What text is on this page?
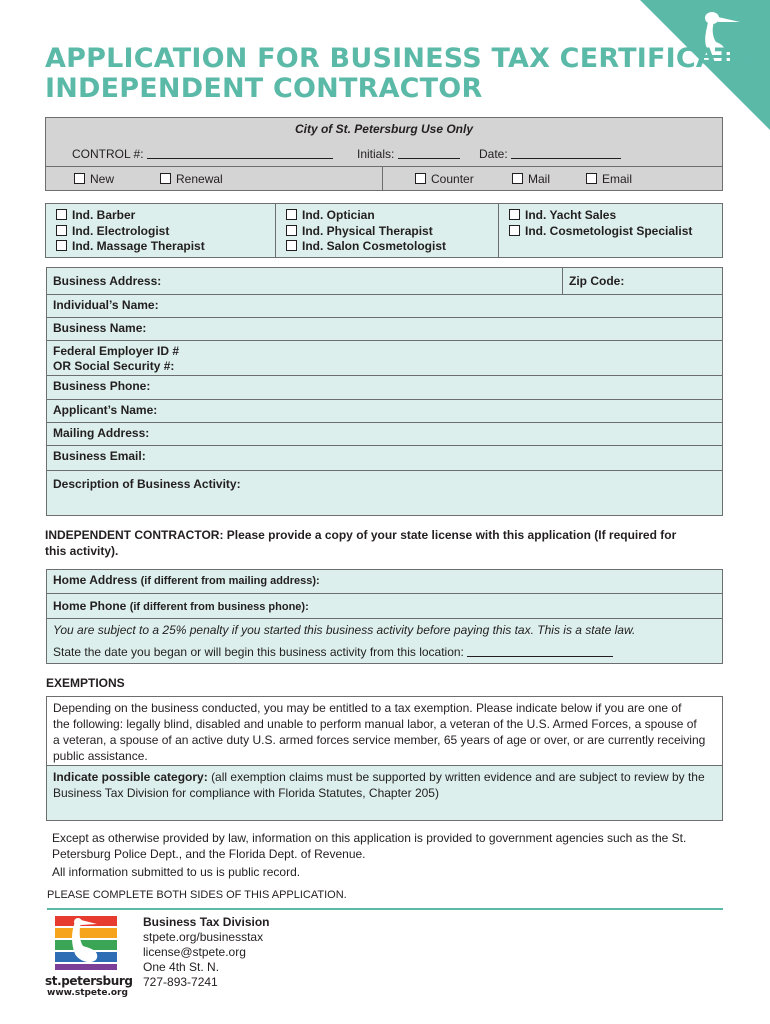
APPLICATION FOR BUSINESS TAX CERTIFICATE:
INDEPENDENT CONTRACTOR
City of St. Petersburg Use Only
CONTROL #:	Initials:	Date:
New	Renewal	Counter	Mail	Email
Ind. Barber
Ind. Electrologist
Ind. Massage Therapist
Ind. Optician
Ind. Physical Therapist
Ind. Salon Cosmetologist
Ind. Yacht Sales
Ind. Cosmetologist Specialist
Business Address:	Zip Code:
Individual’s Name:
Business Name:
Federal Employer ID #
OR Social Security #:
Business Phone:
Applicant’s Name:
Mailing Address:
Business Email:
Description of Business Activity:
INDEPENDENT CONTRACTOR: Please provide a copy of your state license with this application (If required for
this activity).
Home Address (if different from mailing address):
Home Phone (if different from business phone):
You are subject to a 25% penalty if you started this business activity before paying this tax. This is a state law.
State the date you began or will begin this business activity from this location:
EXEMPTIONS
Depending on the business conducted, you may be entitled to a tax exemption. Please indicate below if you are one of
the following: legally blind, disabled and unable to perform manual labor, a veteran of the U.S. Armed Forces, a spouse of
a veteran, a spouse of an active duty U.S. armed forces service member, 65 years of age or over, or are currently receiving
public assistance.
Indicate possible category: (all exemption claims must be supported by written evidence and are subject to review by the
Business Tax Division for compliance with Florida Statutes, Chapter 205)
Except as otherwise provided by law, information on this application is provided to government agencies such as the St.
Petersburg Police Dept., and the Florida Dept. of Revenue.
All information submitted to us is public record.
PLEASE COMPLETE BOTH SIDES OF THIS APPLICATION.
st.petersburg
www.stpete.org
Business Tax Division
stpete.org/businesstax
license@stpete.org
One 4th St. N.
727-893-7241
